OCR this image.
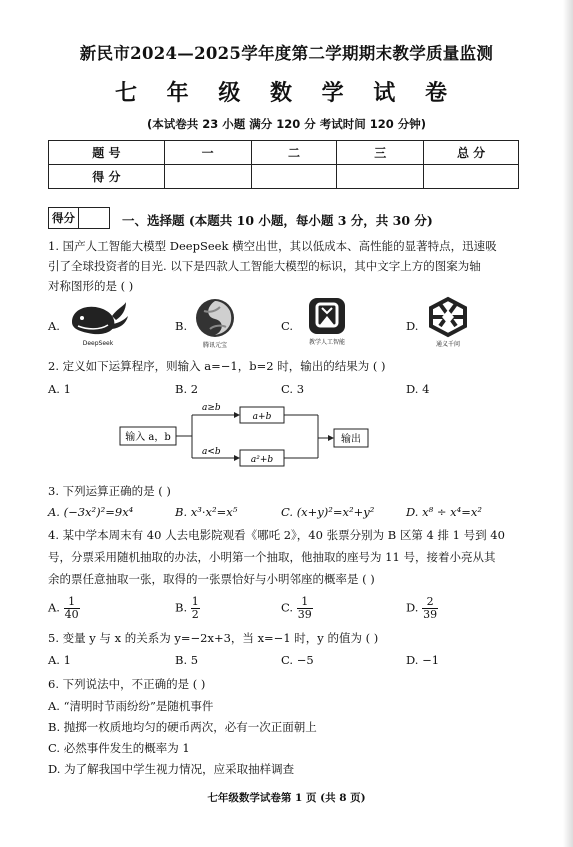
新民市2024—2025学年度第二学期期末教学质量监测
七 年 级 数 学 试 卷
(本试卷共 23 小题 满分 120 分 考试时间 120 分钟)
题 号	一	二	三	总 分
得 分				
得分	一、选择题 (本题共 10 小题，每小题 3 分，共 30 分)
1. 国产人工智能大模型 DeepSeek 横空出世，其以低成本、高性能的显著特点，迅速吸
引了全球投资者的目光. 以下是四款人工智能大模型的标识，其中文字上方的图案为轴
对称图形的是 ( )
A.
DeepSeek
B.
腾讯元宝
C.
教学人工智能
D.
通义千问
2. 定义如下运算程序，则输入 a=−1，b=2 时，输出的结果为 ( )
A. 1	B. 2	C. 3	D. 4
输入 a，b
a≥b
a<b
a+b
a²+b
输出
3. 下列运算正确的是 ( )
A. (−3x²)²=9x⁴	B. x³·x²=x⁵	C. (x+y)²=x²+y²	D. x⁸ ÷ x⁴=x²
4. 某中学本周末有 40 人去电影院观看《哪吒 2》，40 张票分别为 B 区第 4 排 1 号到 40
号，分票采用随机抽取的办法，小明第一个抽取，他抽取的座号为 11 号，接着小亮从其
余的票任意抽取一张，取得的一张票恰好与小明邻座的概率是 ( )
A. $\frac{1}{40}$	B. $\frac{1}{2}$	C. $\frac{1}{39}$	D. $\frac{2}{39}$
5. 变量 y 与 x 的关系为 y=−2x+3，当 x=−1 时，y 的值为 ( )
A. 1	B. 5	C. −5	D. −1
6. 下列说法中，不正确的是 ( )
A. “清明时节雨纷纷”是随机事件
B. 抛掷一枚质地均匀的硬币两次，必有一次正面朝上
C. 必然事件发生的概率为 1
D. 为了解我国中学生视力情况，应采取抽样调查
七年级数学试卷第 1 页 (共 8 页)
